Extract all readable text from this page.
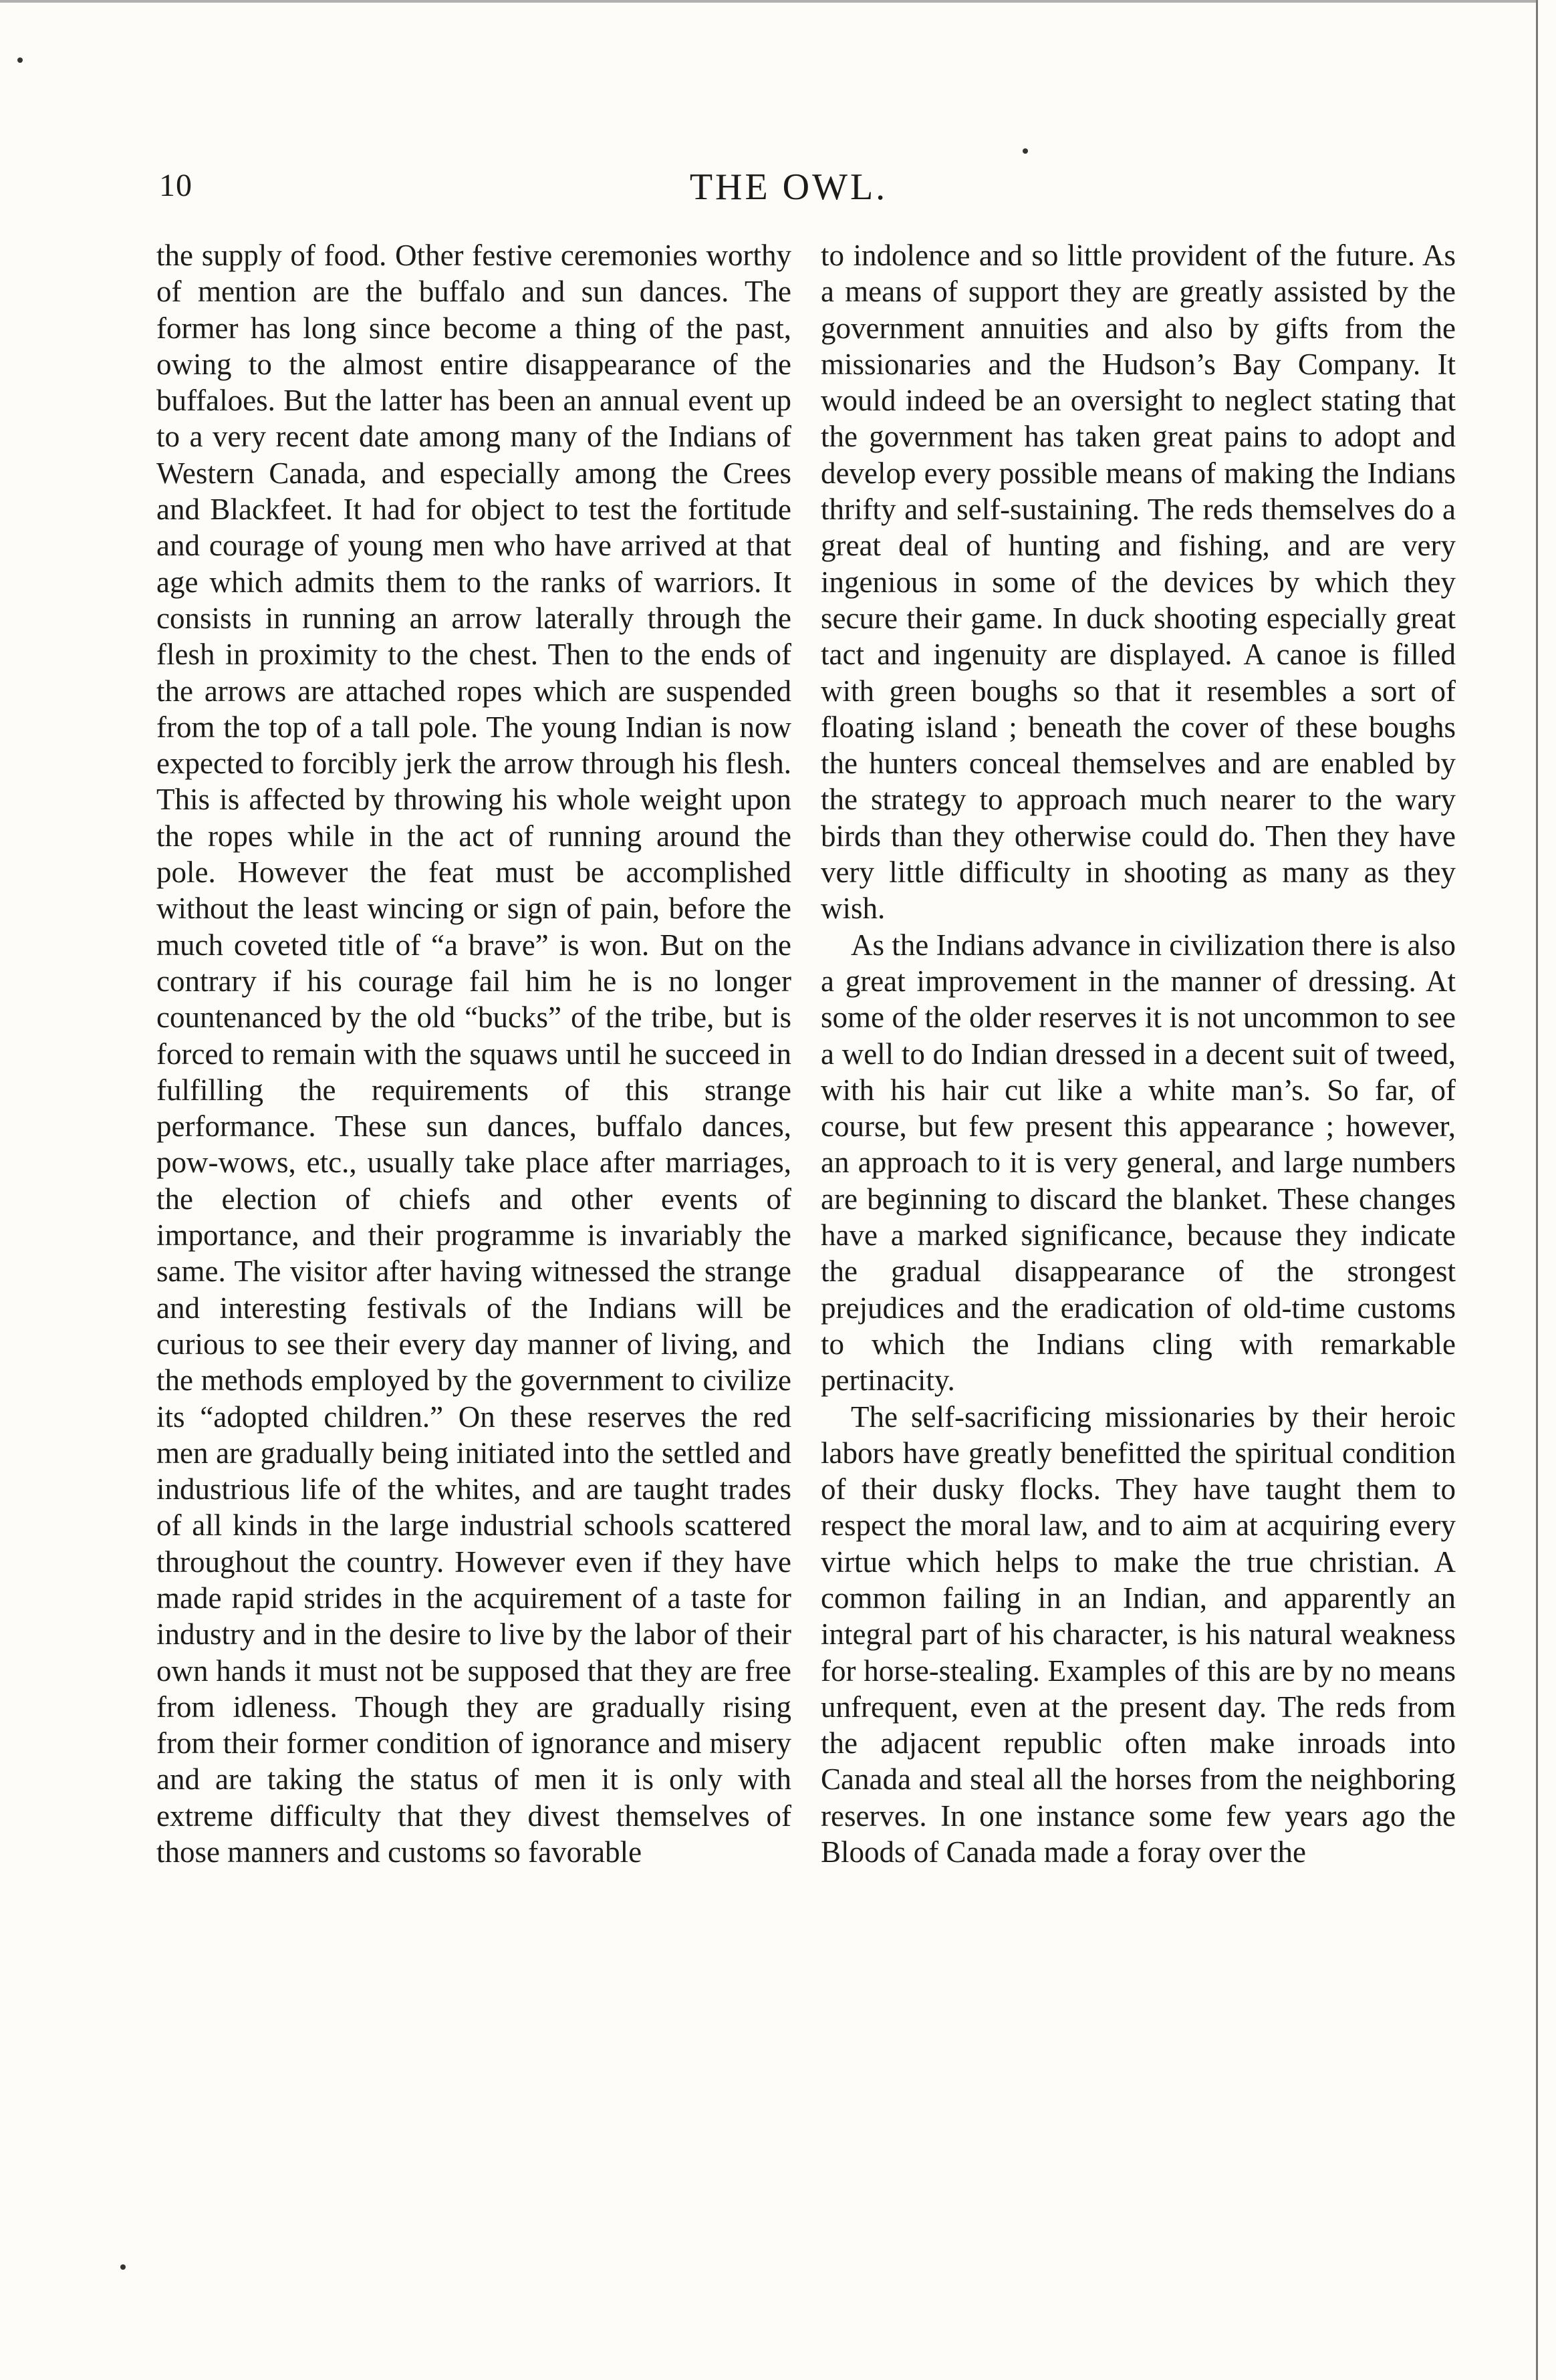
10	THE OWL.

the supply of food. Other festive ceremonies worthy of mention are the buffalo and sun dances. The former has long since become a thing of the past, owing to the almost entire disappearance of the buffaloes. But the latter has been an annual event up to a very recent date among many of the Indians of Western Canada, and especially among the Crees and Blackfeet. It had for object to test the fortitude and courage of young men who have arrived at that age which admits them to the ranks of warriors. It consists in running an arrow laterally through the flesh in proximity to the chest. Then to the ends of the arrows are attached ropes which are suspended from the top of a tall pole. The young Indian is now expected to forcibly jerk the arrow through his flesh. This is affected by throwing his whole weight upon the ropes while in the act of running around the pole. However the feat must be accomplished without the least wincing or sign of pain, before the much coveted title of “a brave” is won. But on the contrary if his courage fail him he is no longer countenanced by the old “bucks” of the tribe, but is forced to remain with the squaws until he succeed in fulfilling the requirements of this strange performance. These sun dances, buffalo dances, pow-wows, etc., usually take place after marriages, the election of chiefs and other events of importance, and their programme is invariably the same. The visitor after having witnessed the strange and interesting festivals of the Indians will be curious to see their every day manner of living, and the methods employed by the government to civilize its “adopted children.” On these reserves the red men are gradually being initiated into the settled and industrious life of the whites, and are taught trades of all kinds in the large industrial schools scattered throughout the country. However even if they have made rapid strides in the acquirement of a taste for industry and in the desire to live by the labor of their own hands it must not be supposed that they are free from idleness. Though they are gradually rising from their former condition of ignorance and misery and are taking the status of men it is only with extreme difficulty that they divest themselves of those manners and customs so favorable

to indolence and so little provident of the future. As a means of support they are greatly assisted by the government annuities and also by gifts from the missionaries and the Hudson’s Bay Company. It would indeed be an oversight to neglect stating that the government has taken great pains to adopt and develop every possible means of making the Indians thrifty and self-sustaining. The reds themselves do a great deal of hunting and fishing, and are very ingenious in some of the devices by which they secure their game. In duck shooting especially great tact and ingenuity are displayed. A canoe is filled with green boughs so that it resembles a sort of floating island ; beneath the cover of these boughs the hunters conceal themselves and are enabled by the strategy to approach much nearer to the wary birds than they otherwise could do. Then they have very little difficulty in shooting as many as they wish.

As the Indians advance in civilization there is also a great improvement in the manner of dressing. At some of the older reserves it is not uncommon to see a well to do Indian dressed in a decent suit of tweed, with his hair cut like a white man’s. So far, of course, but few present this appearance ; however, an approach to it is very general, and large numbers are beginning to discard the blanket. These changes have a marked significance, because they indicate the gradual disappearance of the strongest prejudices and the eradication of old-time customs to which the Indians cling with remarkable pertinacity.

The self-sacrificing missionaries by their heroic labors have greatly benefitted the spiritual condition of their dusky flocks. They have taught them to respect the moral law, and to aim at acquiring every virtue which helps to make the true christian. A common failing in an Indian, and apparently an integral part of his character, is his natural weakness for horse-stealing. Examples of this are by no means unfrequent, even at the present day. The reds from the adjacent republic often make inroads into Canada and steal all the horses from the neighboring reserves. In one instance some few years ago the Bloods of Canada made a foray over the
